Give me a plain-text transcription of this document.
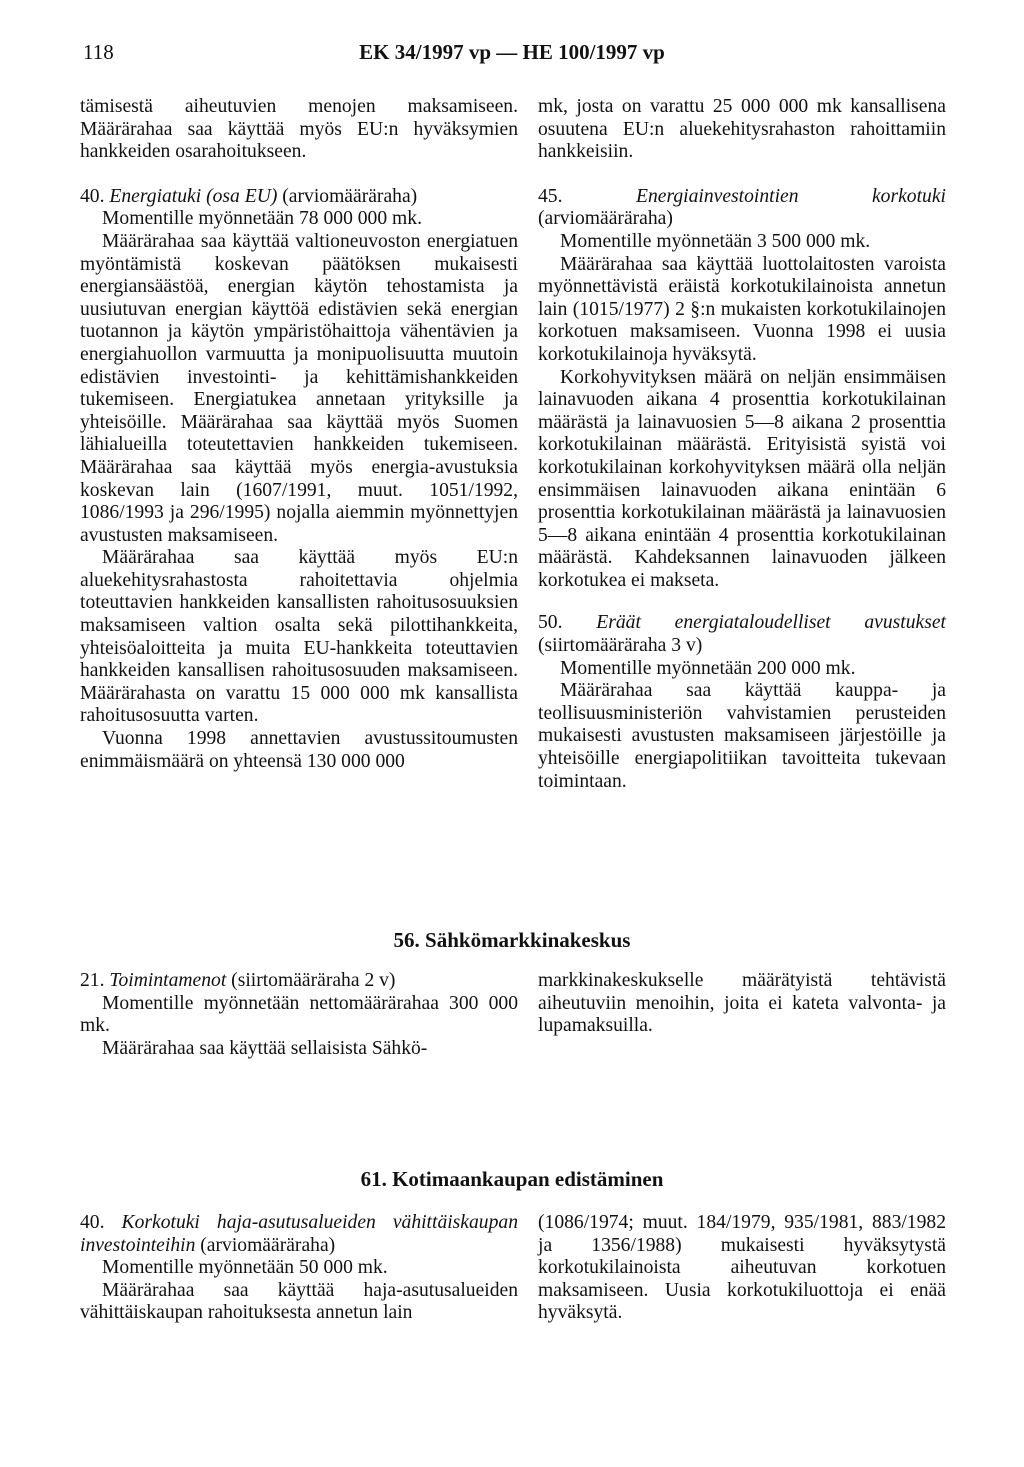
118	EK 34/1997 vp — HE 100/1997 vp

tämisestä aiheutuvien menojen maksamiseen. Määrärahaa saa käyttää myös EU:n hyväksymien hankkeiden osarahoitukseen.

40. Energiatuki (osa EU) (arviomääräraha)

Momentille myönnetään 78 000 000 mk.

Määrärahaa saa käyttää valtioneuvoston energiatuen myöntämistä koskevan päätöksen mukaisesti energiansäästöä, energian käytön tehostamista ja uusiutuvan energian käyttöä edistävien sekä energian tuotannon ja käytön ympäristöhaittoja vähentävien ja energiahuollon varmuutta ja monipuolisuutta muutoin edistävien investointi- ja kehittämishankkeiden tukemiseen. Energiatukea annetaan yrityksille ja yhteisöille. Määrärahaa saa käyttää myös Suomen lähialueilla toteutettavien hankkeiden tukemiseen. Määrärahaa saa käyttää myös energia-avustuksia koskevan lain (1607/1991, muut. 1051/1992, 1086/1993 ja 296/1995) nojalla aiemmin myönnettyjen avustusten maksamiseen.

Määrärahaa saa käyttää myös EU:n aluekehitysrahastosta rahoitettavia ohjelmia toteuttavien hankkeiden kansallisten rahoitusosuuksien maksamiseen valtion osalta sekä pilottihankkeita, yhteisöaloitteita ja muita EU-hankkeita toteuttavien hankkeiden kansallisen rahoitusosuuden maksamiseen. Määrärahasta on varattu 15 000 000 mk kansallista rahoitusosuutta varten.

Vuonna 1998 annettavien avustussitoumusten enimmäismäärä on yhteensä 130 000 000

mk, josta on varattu 25 000 000 mk kansallisena osuutena EU:n aluekehitysrahaston rahoittamiin hankkeisiin.

45.	Energiainvestointien korkotuki (arviomääräraha)

Momentille myönnetään 3 500 000 mk.

Määrärahaa saa käyttää luottolaitosten varoista myönnettävistä eräistä korkotukilainoista annetun lain (1015/1977) 2 §:n mukaisten korkotukilainojen korkotuen maksamiseen. Vuonna 1998 ei uusia korkotukilainoja hyväksytä.

Korkohyvityksen määrä on neljän ensimmäisen lainavuoden aikana 4 prosenttia korkotukilainan määrästä ja lainavuosien 5—8 aikana 2 prosenttia korkotukilainan määrästä. Erityisistä syistä voi korkotukilainan korkohyvityksen määrä olla neljän ensimmäisen lainavuoden aikana enintään 6 prosenttia korkotukilainan määrästä ja lainavuosien 5—8 aikana enintään 4 prosenttia korkotukilainan määrästä. Kahdeksannen lainavuoden jälkeen korkotukea ei makseta.

50. Eräät energiataloudelliset avustukset (siirtomääräraha 3 v)

Momentille myönnetään 200 000 mk.

Määrärahaa saa käyttää kauppa- ja teollisuusministeriön vahvistamien perusteiden mukaisesti avustusten maksamiseen järjestöille ja yhteisöille energiapolitiikan tavoitteita tukevaan toimintaan.

56. Sähkömarkkinakeskus

21. Toimintamenot (siirtomääräraha 2 v)

Momentille myönnetään nettomäärärahaa 300 000 mk.

Määrärahaa saa käyttää sellaisista Sähkö-

markkinakeskukselle määrätyistä tehtävistä aiheutuviin menoihin, joita ei kateta valvonta- ja lupamaksuilla.

61. Kotimaankaupan edistäminen

40. Korkotuki haja-asutusalueiden vähittäiskaupan investointeihin (arviomääräraha)

Momentille myönnetään 50 000 mk.

Määrärahaa saa käyttää haja-asutusalueiden vähittäiskaupan rahoituksesta annetun lain

(1086/1974; muut. 184/1979, 935/1981, 883/1982 ja 1356/1988) mukaisesti hyväksytystä korkotukilainoista aiheutuvan korkotuen maksamiseen. Uusia korkotukiluottoja ei enää hyväksytä.
